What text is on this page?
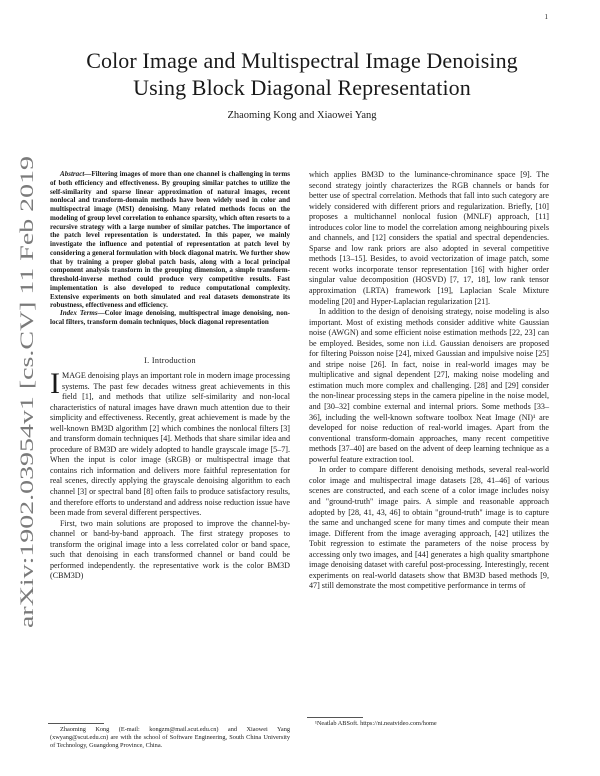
1
arXiv:1902.03954v1 [cs.CV] 11 Feb 2019
Color Image and Multispectral Image Denoising
Using Block Diagonal Representation
Zhaoming Kong and Xiaowei Yang
Abstract—Filtering images of more than one channel is challenging in terms of both efficiency and effectiveness. By grouping similar patches to utilize the self-similarity and sparse linear approximation of natural images, recent nonlocal and transform-domain methods have been widely used in color and multispectral image (MSI) denoising. Many related methods focus on the modeling of group level correlation to enhance sparsity, which often resorts to a recursive strategy with a large number of similar patches. The importance of the patch level representation is understated. In this paper, we mainly investigate the influence and potential of representation at patch level by considering a general formulation with block diagonal matrix. We further show that by training a proper global patch basis, along with a local principal component analysis transform in the grouping dimension, a simple transform-threshold-inverse method could produce very competitive results. Fast implementation is also developed to reduce computational complexity. Extensive experiments on both simulated and real datasets demonstrate its robustness, effectiveness and efficiency.
Index Terms—Color image denoising, multispectral image denoising, non-local filters, transform domain techniques, block diagonal representation
I. Introduction

IMAGE denoising plays an important role in modern image processing systems. The past few decades witness great achievements in this field [1], and methods that utilize self-similarity and non-local characteristics of natural images have drawn much attention due to their simplicity and effectiveness. Recently, great achievement is made by the well-known BM3D algorithm [2] which combines the nonlocal filters [3] and transform domain techniques [4]. Methods that share similar idea and procedure of BM3D are widely adopted to handle grayscale image [5–7]. When the input is color image (sRGB) or multispectral image that contains rich information and delivers more faithful representation for real scenes, directly applying the grayscale denoising algorithm to each channel [3] or spectral band [8] often fails to produce satisfactory results, and therefore efforts to understand and address noise reduction issue have been made from several different perspectives.

First, two main solutions are proposed to improve the channel-by-channel or band-by-band approach. The first strategy proposes to transform the original image into a less correlated color or band space, such that denoising in each transformed channel or band could be performed independently. the representative work is the color BM3D (CBM3D)

Zhaoming Kong (E-mail: kongzm@mail.scut.edu.cn) and Xiaowei Yang (xwyang@scut.edu.cn) are with the school of Software Engineering, South China University of Technology, Guangdong Province, China.

which applies BM3D to the luminance-chrominance space [9]. The second strategy jointly characterizes the RGB channels or bands for better use of spectral correlation. Methods that fall into such category are widely considered with different priors and regularization. Briefly, [10] proposes a multichannel nonlocal fusion (MNLF) approach, [11] introduces color line to model the correlation among neighbouring pixels and channels, and [12] considers the spatial and spectral dependencies. Sparse and low rank priors are also adopted in several competitive methods [13–15]. Besides, to avoid vectorization of image patch, some recent works incorporate tensor representation [16] with higher order singular value decomposition (HOSVD) [7, 17, 18], low rank tensor approximation (LRTA) framework [19], Laplacian Scale Mixture modeling [20] and Hyper-Laplacian regularization [21].

In addition to the design of denoising strategy, noise modeling is also important. Most of existing methods consider additive white Gaussian noise (AWGN) and some efficient noise estimation methods [22, 23] can be employed. Besides, some non i.i.d. Gaussian denoisers are proposed for filtering Poisson noise [24], mixed Gaussian and impulsive noise [25] and stripe noise [26]. In fact, noise in real-world images may be multiplicative and signal dependent [27], making noise modeling and estimation much more complex and challenging. [28] and [29] consider the non-linear processing steps in the camera pipeline in the noise model, and [30–32] combine external and internal priors. Some methods [33–36], including the well-known software toolbox Neat Image (NI)¹ are developed for noise reduction of real-world images. Apart from the conventional transform-domain approaches, many recent competitive methods [37–40] are based on the advent of deep learning technique as a powerful feature extraction tool.

In order to compare different denoising methods, several real-world color image and multispectral image datasets [28, 41–46] of various scenes are constructed, and each scene of a color image includes noisy and "ground-truth" image pairs. A simple and reasonable approach adopted by [28, 41, 43, 46] to obtain "ground-truth" image is to capture the same and unchanged scene for many times and compute their mean image. Different from the image averaging approach, [42] utilizes the Tobit regression to estimate the parameters of the noise process by accessing only two images, and [44] generates a high quality smartphone image denoising dataset with careful post-processing. Interestingly, recent experiments on real-world datasets show that BM3D based methods [9, 47] still demonstrate the most competitive performance in terms of

¹Neatlab ABSoft. https://ni.neatvideo.com/home
